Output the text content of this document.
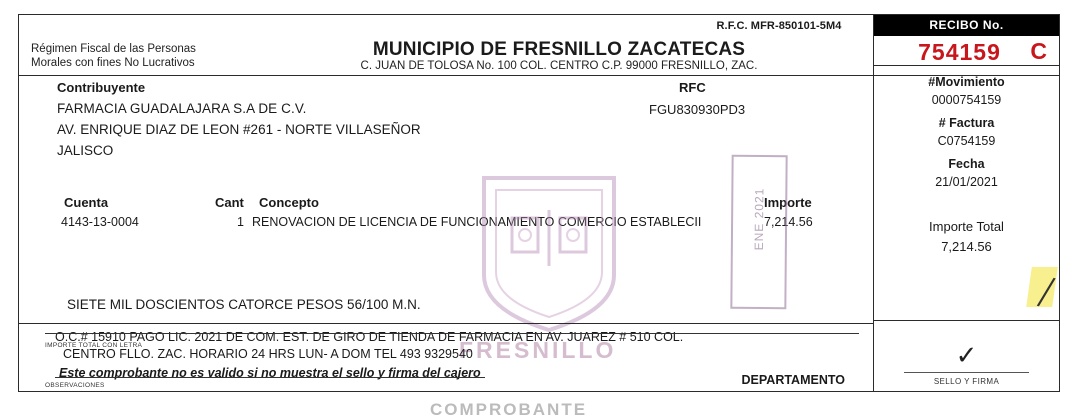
Régimen Fiscal de las Personas
Morales con fines No Lucrativos
R.F.C. MFR-850101-5M4
MUNICIPIO DE FRESNILLO ZACATECAS
C. JUAN DE TOLOSA No. 100 COL. CENTRO C.P. 99000 FRESNILLO, ZAC.
RECIBO No.
754159 C
#Movimiento
0000754159
# Factura
C0754159
Fecha
21/01/2021
Importe Total
7,214.56
✓
SELLO Y FIRMA
/
Contribuyente	RFC
FARMACIA GUADALAJARA S.A DE C.V.	FGU830930PD3
AV. ENRIQUE DIAZ DE LEON #261 - NORTE VILLASEÑOR
JALISCO
Cuenta	Cant Concepto	Importe
4143-13-0004	1 RENOVACION DE LICENCIA DE FUNCIONAMIENTO COMERCIO ESTABLECII	7,214.56
SIETE MIL DOSCIENTOS CATORCE PESOS 56/100 M.N.
FRESNILLO
ENE 2021
IMPORTE TOTAL CON LETRA
O.C.# 15910 PAGO LIC. 2021 DE COM. EST. DE GIRO DE TIENDA DE FARMACIA EN AV. JUAREZ # 510 COL.
CENTRO FLLO. ZAC. HORARIO 24 HRS LUN- A DOM TEL 493 9329540
Este comprobante no es valido si no muestra el sello y firma del cajero
OBSERVACIONES	DEPARTAMENTO
COMPROBANTE
